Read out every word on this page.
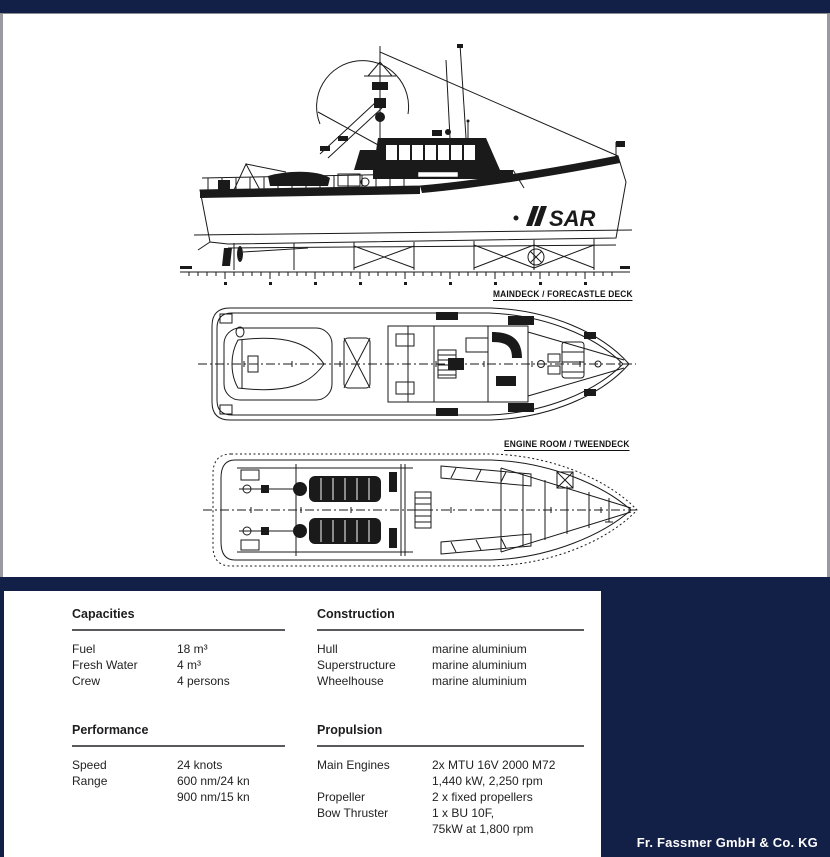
SAR
MAINDECK / FORECASTLE DECK
ENGINE ROOM / TWEENDECK
Capacities
Fuel	18 m³
Fresh Water	4 m³
Crew	4 persons
Construction
Hull	marine aluminium
Superstructure	marine aluminium
Wheelhouse	marine aluminium
Performance
Speed	24 knots
Range	600 nm/24 kn
900 nm/15 kn
Propulsion
Main Engines	2x MTU 16V 2000 M72
1,440 kW, 2,250 rpm
Propeller	2 x fixed propellers
Bow Thruster	1 x BU 10F,
75kW at 1,800 rpm
Fr. Fassmer GmbH & Co. KG
